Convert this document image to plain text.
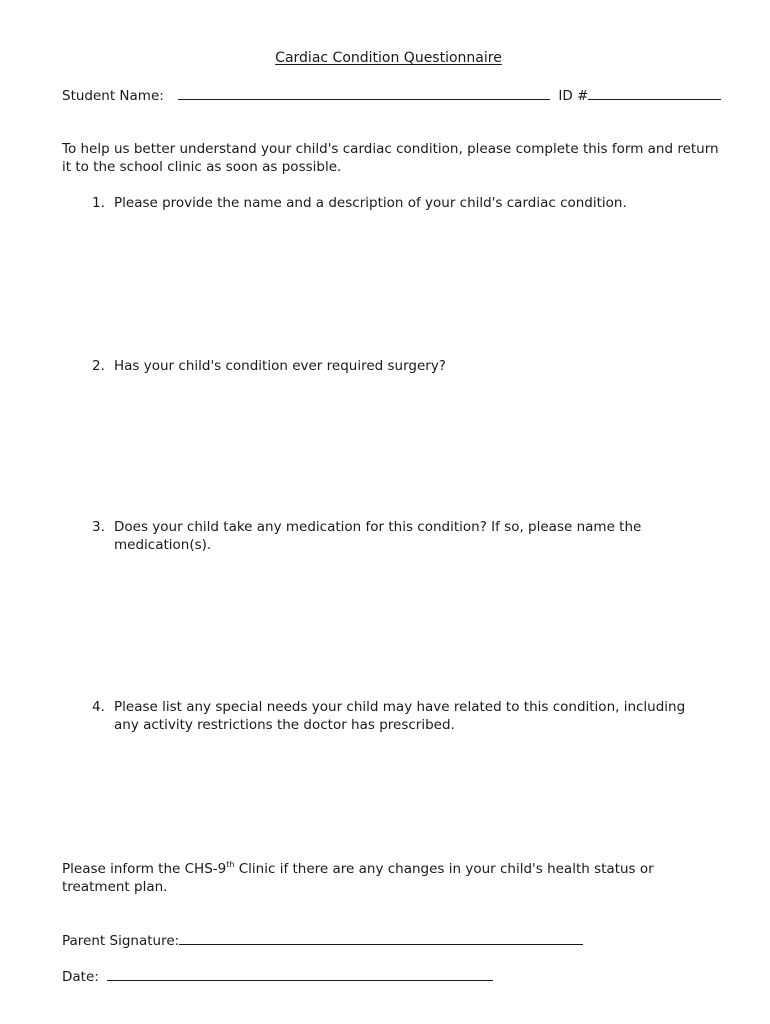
Cardiac Condition Questionnaire
Student Name:	ID #
To help us better understand your child's cardiac condition, please complete this form and return it to the school clinic as soon as possible.
1. Please provide the name and a description of your child's cardiac condition.
2. Has your child's condition ever required surgery?
3. Does your child take any medication for this condition? If so, please name the medication(s).
4. Please list any special needs your child may have related to this condition, including any activity restrictions the doctor has prescribed.
Please inform the CHS-9th Clinic if there are any changes in your child's health status or treatment plan.
Parent Signature:
Date:
